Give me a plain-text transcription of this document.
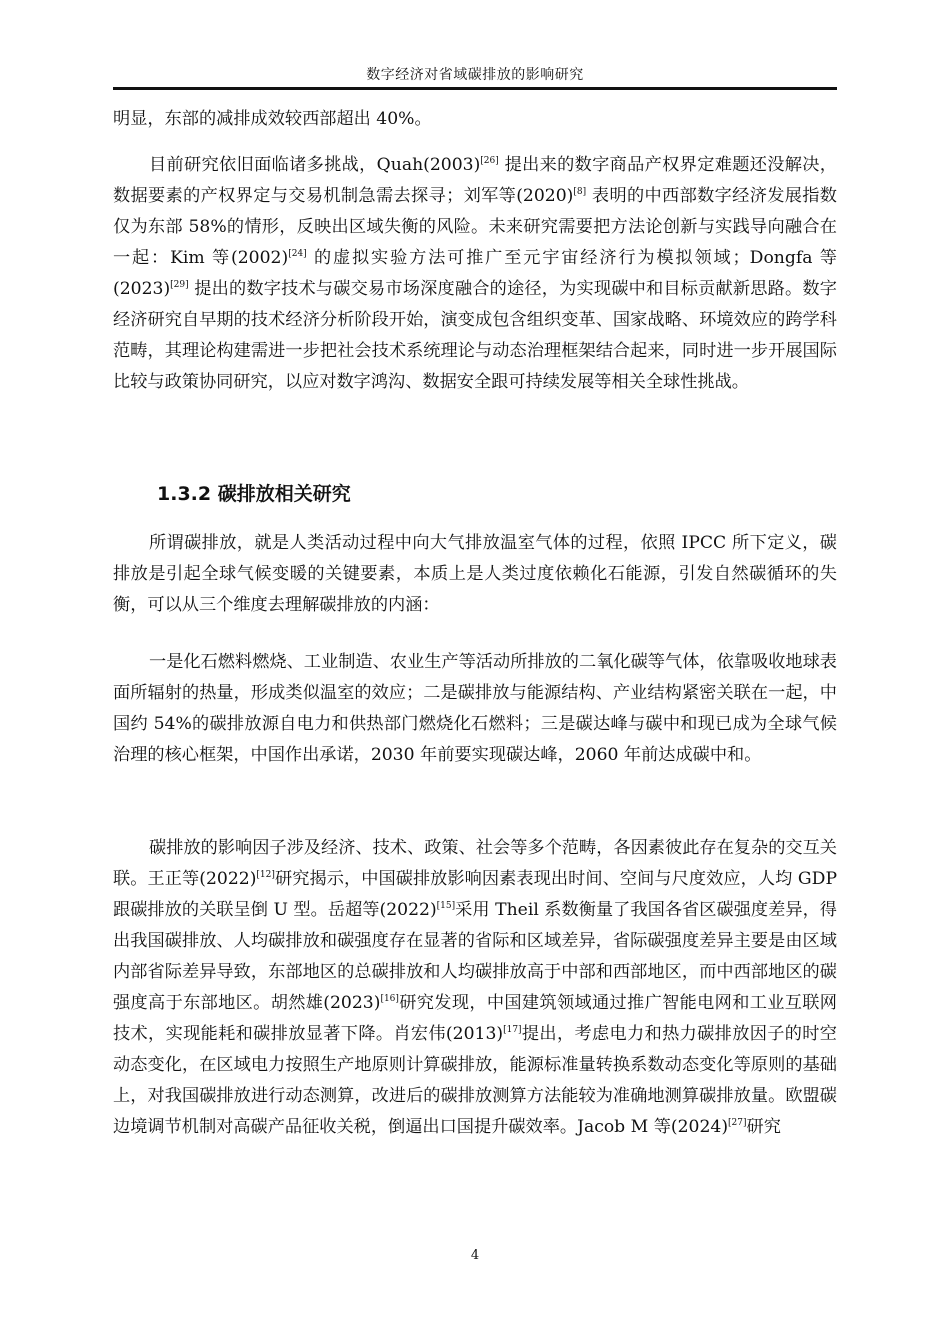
数字经济对省域碳排放的影响研究

明显，东部的减排成效较西部超出 40%。

目前研究依旧面临诸多挑战，Quah(2003)[26] 提出来的数字商品产权界定难题还没解决，数据要素的产权界定与交易机制急需去探寻；刘军等(2020)[8] 表明的中西部数字经济发展指数仅为东部 58%的情形，反映出区域失衡的风险。未来研究需要把方法论创新与实践导向融合在一起：Kim 等(2002)[24] 的虚拟实验方法可推广至元宇宙经济行为模拟领域；Dongfa 等(2023)[29] 提出的数字技术与碳交易市场深度融合的途径，为实现碳中和目标贡献新思路。数字经济研究自早期的技术经济分析阶段开始，演变成包含组织变革、国家战略、环境效应的跨学科范畴，其理论构建需进一步把社会技术系统理论与动态治理框架结合起来，同时进一步开展国际比较与政策协同研究，以应对数字鸿沟、数据安全跟可持续发展等相关全球性挑战。

1.3.2 碳排放相关研究

所谓碳排放，就是人类活动过程中向大气排放温室气体的过程，依照 IPCC 所下定义，碳排放是引起全球气候变暖的关键要素，本质上是人类过度依赖化石能源，引发自然碳循环的失衡，可以从三个维度去理解碳排放的内涵：

一是化石燃料燃烧、工业制造、农业生产等活动所排放的二氧化碳等气体，依靠吸收地球表面所辐射的热量，形成类似温室的效应；二是碳排放与能源结构、产业结构紧密关联在一起，中国约 54%的碳排放源自电力和供热部门燃烧化石燃料；三是碳达峰与碳中和现已成为全球气候治理的核心框架，中国作出承诺，2030 年前要实现碳达峰，2060 年前达成碳中和。

碳排放的影响因子涉及经济、技术、政策、社会等多个范畴，各因素彼此存在复杂的交互关联。王正等(2022)[12]研究揭示，中国碳排放影响因素表现出时间、空间与尺度效应，人均 GDP 跟碳排放的关联呈倒 U 型。岳超等(2022)[15]采用 Theil 系数衡量了我国各省区碳强度差异，得出我国碳排放、人均碳排放和碳强度存在显著的省际和区域差异，省际碳强度差异主要是由区域内部省际差异导致，东部地区的总碳排放和人均碳排放高于中部和西部地区，而中西部地区的碳强度高于东部地区。胡然雄(2023)[16]研究发现，中国建筑领域通过推广智能电网和工业互联网技术，实现能耗和碳排放显著下降。肖宏伟(2013)[17]提出，考虑电力和热力碳排放因子的时空动态变化，在区域电力按照生产地原则计算碳排放，能源标准量转换系数动态变化等原则的基础上，对我国碳排放进行动态测算，改进后的碳排放测算方法能较为准确地测算碳排放量。欧盟碳边境调节机制对高碳产品征收关税，倒逼出口国提升碳效率。Jacob M 等(2024)[27]研究

4
